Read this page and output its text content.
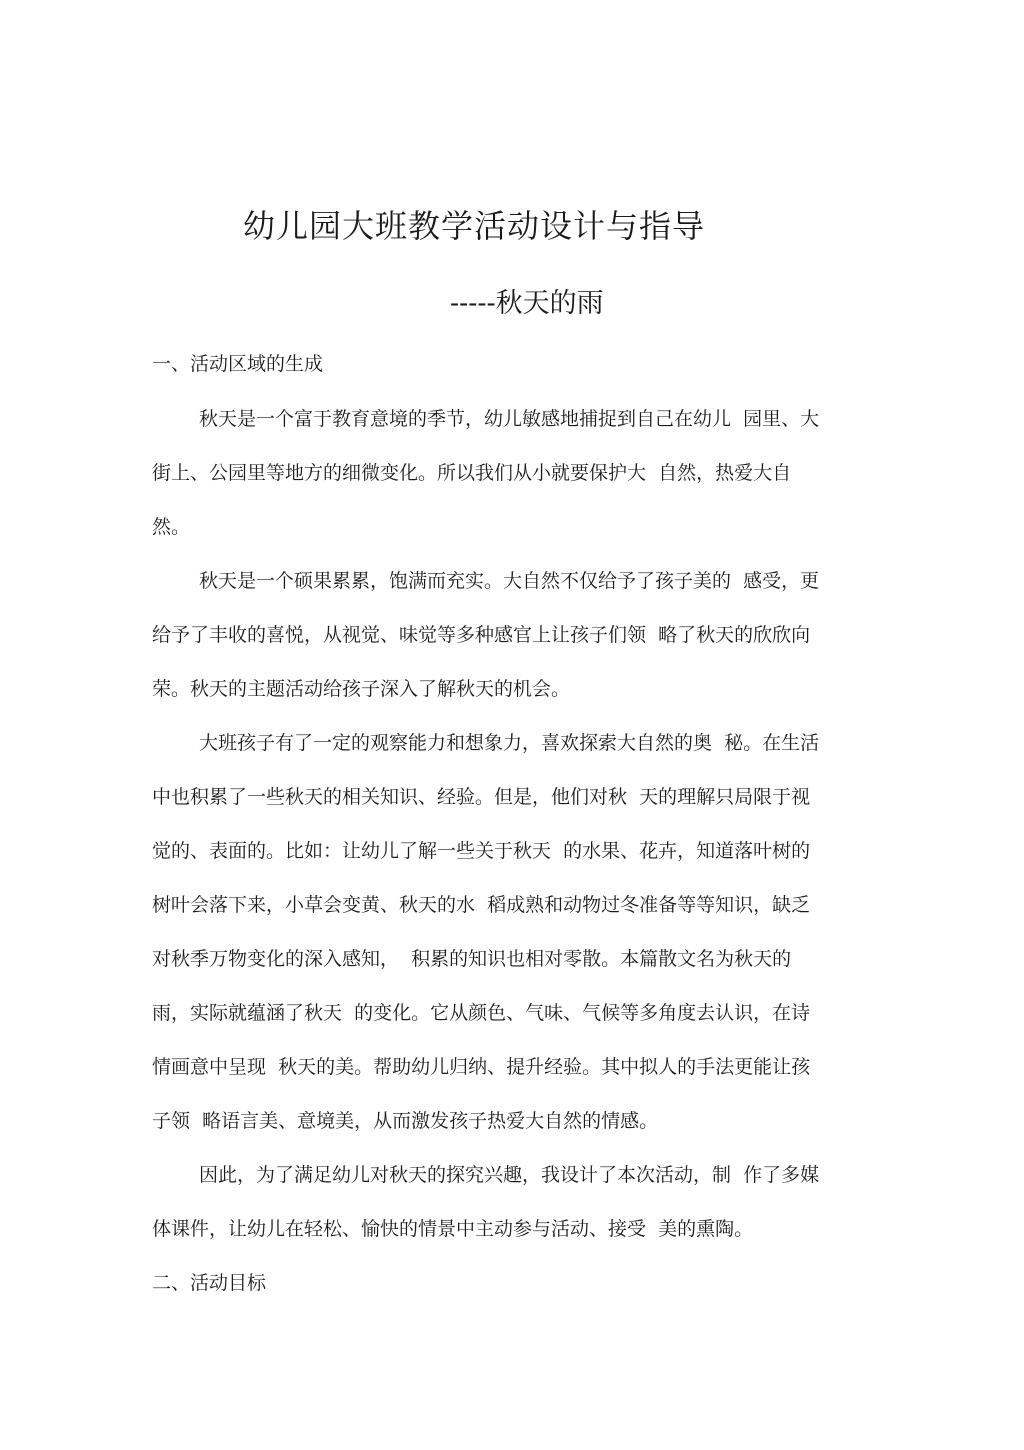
幼儿园大班教学活动设计与指导
-----秋天的雨

一、活动区域的生成

秋天是一个富于教育意境的季节，幼儿敏感地捕捉到自己在幼儿  园里、大

街上、公园里等地方的细微变化。所以我们从小就要保护大  自然，热爱大自

然。

秋天是一个硕果累累，饱满而充实。大自然不仅给予了孩子美的  感受，更

给予了丰收的喜悦，从视觉、味觉等多种感官上让孩子们领  略了秋天的欣欣向

荣。秋天的主题活动给孩子深入了解秋天的机会。

大班孩子有了一定的观察能力和想象力，喜欢探索大自然的奥  秘。在生活

中也积累了一些秋天的相关知识、经验。但是，他们对秋  天的理解只局限于视

觉的、表面的。比如：让幼儿了解一些关于秋天  的水果、花卉，知道落叶树的

树叶会落下来，小草会变黄、秋天的水  稻成熟和动物过冬准备等等知识，缺乏

对秋季万物变化的深入感知，  积累的知识也相对零散。本篇散文名为秋天的

雨，实际就蕴涵了秋天  的变化。它从颜色、气味、气候等多角度去认识，在诗

情画意中呈现  秋天的美。帮助幼儿归纳、提升经验。其中拟人的手法更能让孩

子领  略语言美、意境美，从而激发孩子热爱大自然的情感。

因此，为了满足幼儿对秋天的探究兴趣，我设计了本次活动，制  作了多媒

体课件，让幼儿在轻松、愉快的情景中主动参与活动、接受  美的熏陶。

二、活动目标
